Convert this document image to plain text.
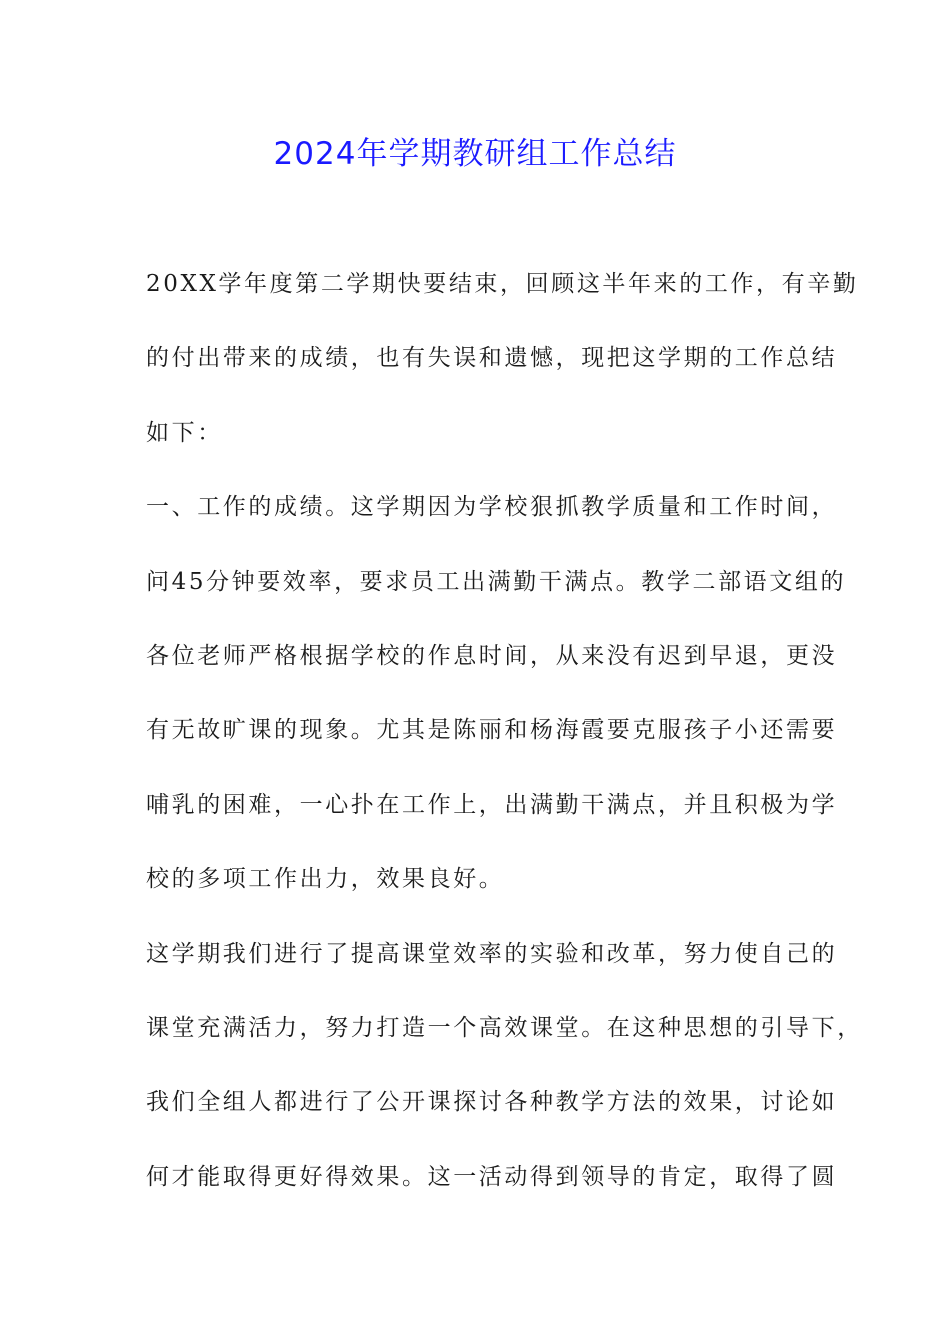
2024年学期教研组工作总结
20XX学年度第二学期快要结束，回顾这半年来的工作，有辛勤
的付出带来的成绩，也有失误和遗憾，现把这学期的工作总结
如下：
一、工作的成绩。这学期因为学校狠抓教学质量和工作时间，
问45分钟要效率，要求员工出满勤干满点。教学二部语文组的
各位老师严格根据学校的作息时间，从来没有迟到早退，更没
有无故旷课的现象。尤其是陈丽和杨海霞要克服孩子小还需要
哺乳的困难，一心扑在工作上，出满勤干满点，并且积极为学
校的多项工作出力，效果良好。
这学期我们进行了提高课堂效率的实验和改革，努力使自己的
课堂充满活力，努力打造一个高效课堂。在这种思想的引导下，
我们全组人都进行了公开课探讨各种教学方法的效果，讨论如
何才能取得更好得效果。这一活动得到领导的肯定，取得了圆
